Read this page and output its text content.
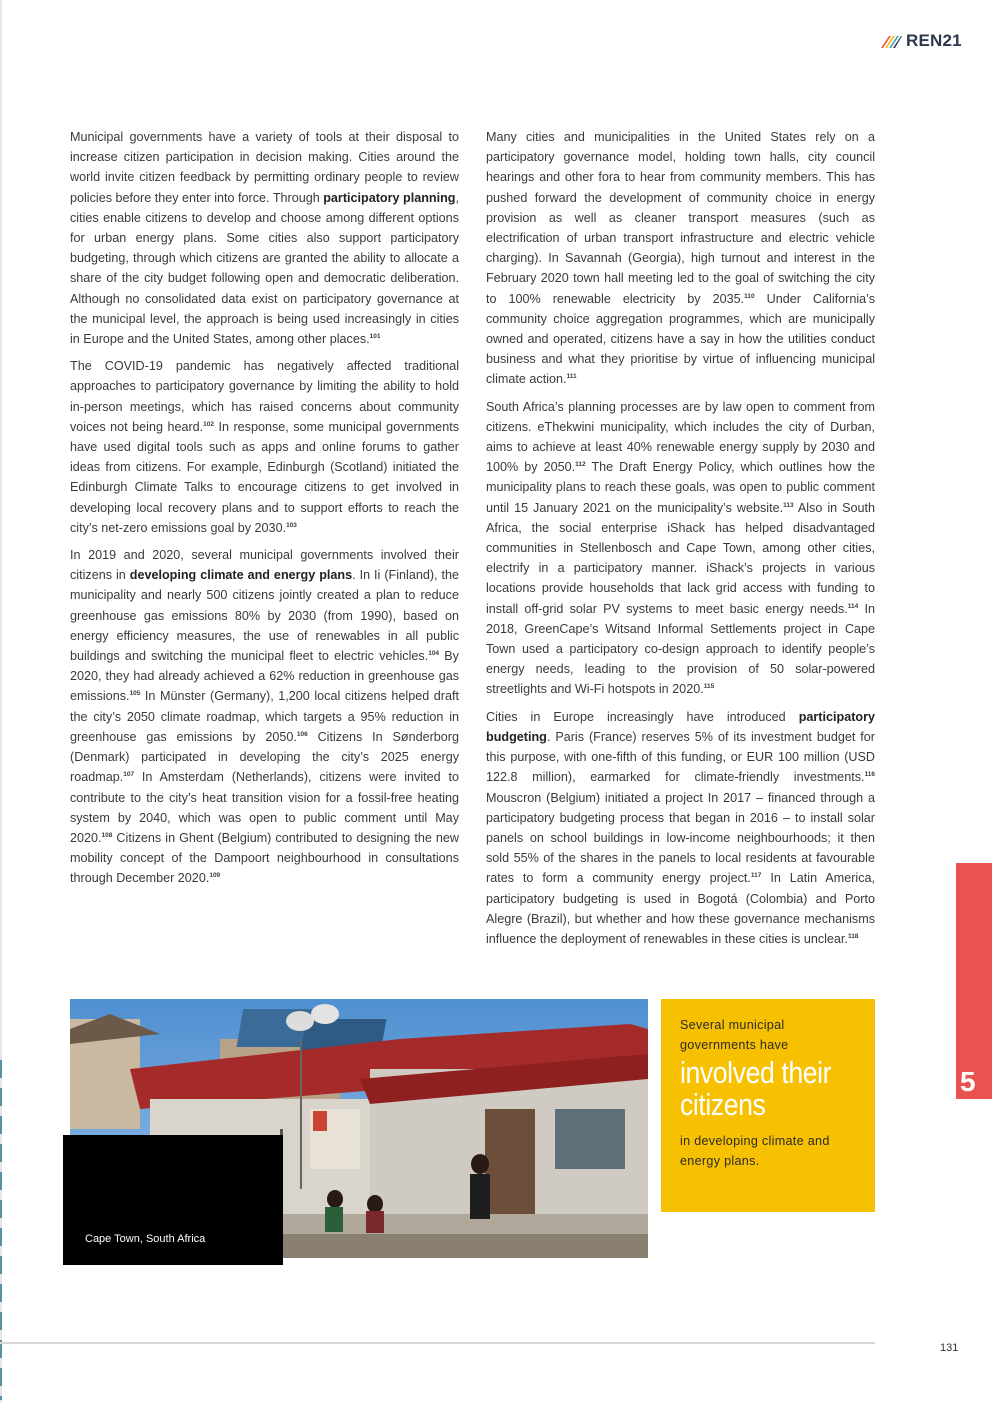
REN21

Municipal governments have a variety of tools at their disposal to increase citizen participation in decision making. Cities around the world invite citizen feedback by permitting ordinary people to review policies before they enter into force. Through participatory planning, cities enable citizens to develop and choose among different options for urban energy plans. Some cities also support participatory budgeting, through which citizens are granted the ability to allocate a share of the city budget following open and democratic deliberation. Although no consolidated data exist on participatory governance at the municipal level, the approach is being used increasingly in cities in Europe and the United States, among other places.$^{101}$

The COVID-19 pandemic has negatively affected traditional approaches to participatory governance by limiting the ability to hold in-person meetings, which has raised concerns about community voices not being heard.$^{102}$ In response, some municipal governments have used digital tools such as apps and online forums to gather ideas from citizens. For example, Edinburgh (Scotland) initiated the Edinburgh Climate Talks to encourage citizens to get involved in developing local recovery plans and to support efforts to reach the city’s net-zero emissions goal by 2030.$^{103}$

In 2019 and 2020, several municipal governments involved their citizens in developing climate and energy plans. In Ii (Finland), the municipality and nearly 500 citizens jointly created a plan to reduce greenhouse gas emissions 80% by 2030 (from 1990), based on energy efficiency measures, the use of renewables in all public buildings and switching the municipal fleet to electric vehicles.$^{104}$ By 2020, they had already achieved a 62% reduction in greenhouse gas emissions.$^{105}$ In Münster (Germany), 1,200 local citizens helped draft the city’s 2050 climate roadmap, which targets a 95% reduction in greenhouse gas emissions by 2050.$^{106}$ Citizens In Sønderborg (Denmark) participated in developing the city’s 2025 energy roadmap.$^{107}$ In Amsterdam (Netherlands), citizens were invited to contribute to the city’s heat transition vision for a fossil-free heating system by 2040, which was open to public comment until May 2020.$^{108}$ Citizens in Ghent (Belgium) contributed to designing the new mobility concept of the Dampoort neighbourhood in consultations through December 2020.$^{109}$

Many cities and municipalities in the United States rely on a participatory governance model, holding town halls, city council hearings and other fora to hear from community members. This has pushed forward the development of community choice in energy provision as well as cleaner transport measures (such as electrification of urban transport infrastructure and electric vehicle charging). In Savannah (Georgia), high turnout and interest in the February 2020 town hall meeting led to the goal of switching the city to 100% renewable electricity by 2035.$^{110}$ Under California’s community choice aggregation programmes, which are municipally owned and operated, citizens have a say in how the utilities conduct business and what they prioritise by virtue of influencing municipal climate action.$^{111}$

South Africa’s planning processes are by law open to comment from citizens. eThekwini municipality, which includes the city of Durban, aims to achieve at least 40% renewable energy supply by 2030 and 100% by 2050.$^{112}$ The Draft Energy Policy, which outlines how the municipality plans to reach these goals, was open to public comment until 15 January 2021 on the municipality’s website.$^{113}$ Also in South Africa, the social enterprise iShack has helped disadvantaged communities in Stellenbosch and Cape Town, among other cities, electrify in a participatory manner. iShack’s projects in various locations provide households that lack grid access with funding to install off-grid solar PV systems to meet basic energy needs.$^{114}$ In 2018, GreenCape’s Witsand Informal Settlements project in Cape Town used a participatory co-design approach to identify people’s energy needs, leading to the provision of 50 solar-powered streetlights and Wi-Fi hotspots in 2020.$^{115}$

Cities in Europe increasingly have introduced participatory budgeting. Paris (France) reserves 5% of its investment budget for this purpose, with one-fifth of this funding, or EUR 100 million (USD 122.8 million), earmarked for climate-friendly investments.$^{116}$ Mouscron (Belgium) initiated a project In 2017 – financed through a participatory budgeting process that began in 2016 – to install solar panels on school buildings in low-income neighbourhoods; it then sold 55% of the shares in the panels to local residents at favourable rates to form a community energy project.$^{117}$ In Latin America, participatory budgeting is used in Bogotá (Colombia) and Porto Alegre (Brazil), but whether and how these governance mechanisms influence the deployment of renewables in these cities is unclear.$^{118}$

Cape Town, South Africa
Several municipal governments have
involved their citizens
in developing climate and energy plans.
5
131
